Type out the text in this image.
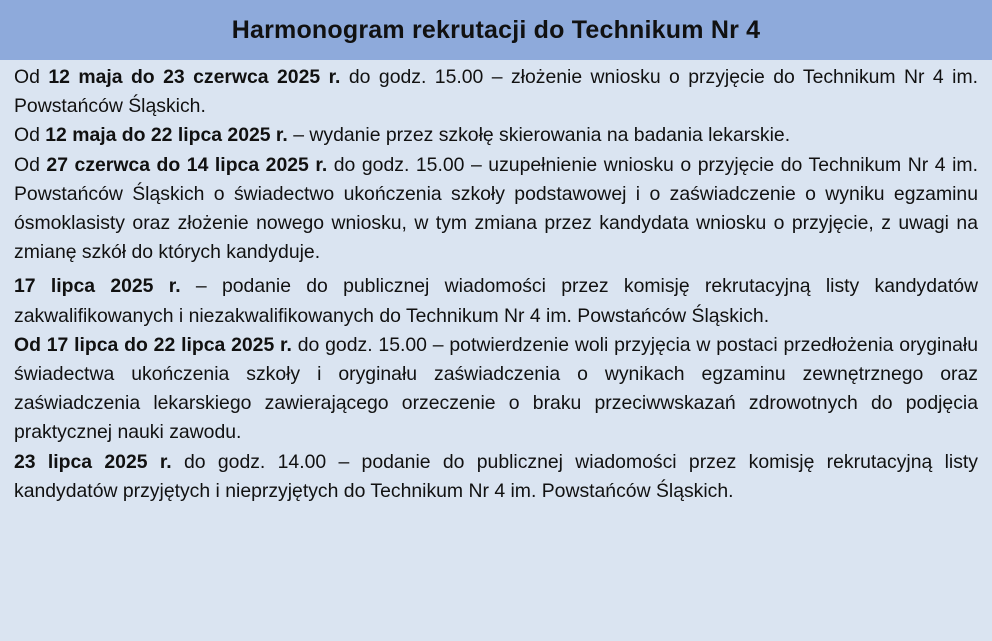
Harmonogram rekrutacji do Technikum Nr 4

Od 12 maja do 23 czerwca 2025 r. do godz. 15.00 – złożenie wniosku o przyjęcie do Technikum Nr 4 im. Powstańców Śląskich.

Od 12 maja do 22 lipca 2025 r. – wydanie przez szkołę skierowania na badania lekarskie.

Od 27 czerwca do 14 lipca 2025 r. do godz. 15.00 – uzupełnienie wniosku o przyjęcie do Technikum Nr 4 im. Powstańców Śląskich o świadectwo ukończenia szkoły podstawowej i o zaświadczenie o wyniku egzaminu ósmoklasisty oraz złożenie nowego wniosku, w tym zmiana przez kandydata wniosku o przyjęcie, z uwagi na zmianę szkół do których kandyduje.

17 lipca 2025 r. – podanie do publicznej wiadomości przez komisję rekrutacyjną listy kandydatów zakwalifikowanych i niezakwalifikowanych do Technikum Nr 4 im. Powstańców Śląskich.

Od 17 lipca do 22 lipca 2025 r. do godz. 15.00 – potwierdzenie woli przyjęcia w postaci przedłożenia oryginału świadectwa ukończenia szkoły i oryginału zaświadczenia o wynikach egzaminu zewnętrznego oraz zaświadczenia lekarskiego zawierającego orzeczenie o braku przeciwwskazań zdrowotnych do podjęcia praktycznej nauki zawodu.

23 lipca 2025 r. do godz. 14.00 – podanie do publicznej wiadomości przez komisję rekrutacyjną listy kandydatów przyjętych i nieprzyjętych do Technikum Nr 4 im. Powstańców Śląskich.
